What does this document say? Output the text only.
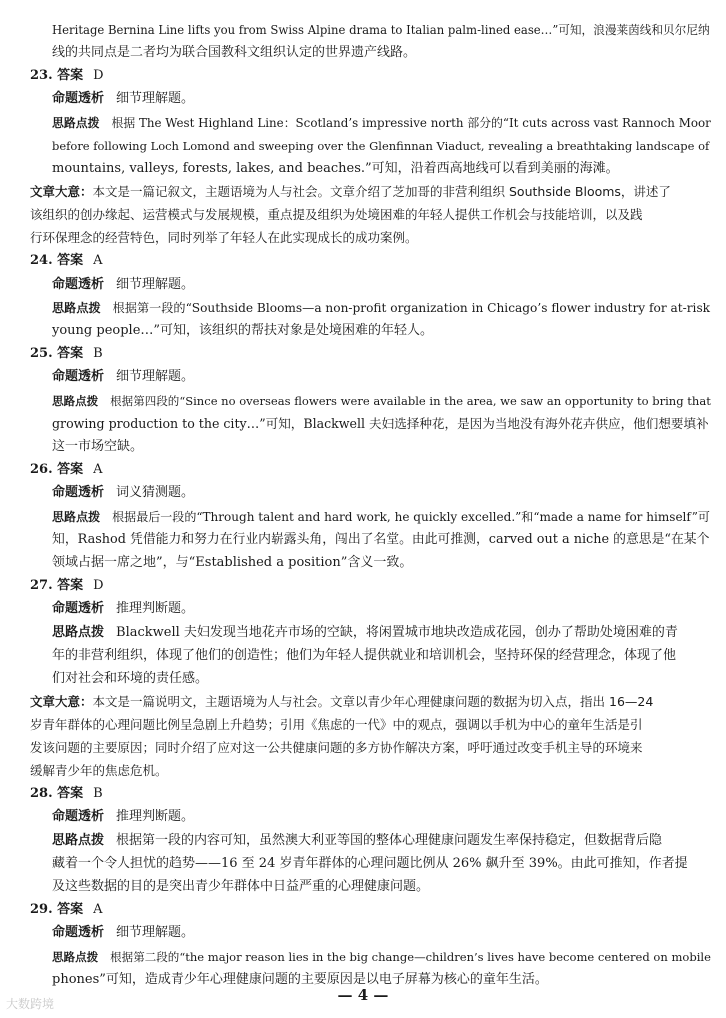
Heritage Bernina Line lifts you from Swiss Alpine drama to Italian palm-lined ease…”可知，浪漫莱茵线和贝尔尼纳
线的共同点是二者均为联合国教科文组织认定的世界遗产线路。
23. 答案 D
命题透析 细节理解题。
思路点拨 根据 The West Highland Line：Scotland’s impressive north 部分的“It cuts across vast Rannoch Moor
before following Loch Lomond and sweeping over the Glenfinnan Viaduct, revealing a breathtaking landscape of
mountains, valleys, forests, lakes, and beaches.”可知，沿着西高地线可以看到美丽的海滩。
文章大意：本文是一篇记叙文，主题语境为人与社会。文章介绍了芝加哥的非营利组织 Southside Blooms，讲述了
该组织的创办缘起、运营模式与发展规模，重点提及组织为处境困难的年轻人提供工作机会与技能培训，以及践
行环保理念的经营特色，同时列举了年轻人在此实现成长的成功案例。
24. 答案 A
命题透析 细节理解题。
思路点拨 根据第一段的“Southside Blooms—a non-profit organization in Chicago’s flower industry for at-risk
young people…”可知，该组织的帮扶对象是处境困难的年轻人。
25. 答案 B
命题透析 细节理解题。
思路点拨 根据第四段的“Since no overseas flowers were available in the area, we saw an opportunity to bring that
growing production to the city…”可知，Blackwell 夫妇选择种花，是因为当地没有海外花卉供应，他们想要填补
这一市场空缺。
26. 答案 A
命题透析 词义猜测题。
思路点拨 根据最后一段的“Through talent and hard work, he quickly excelled.”和“made a name for himself”可
知，Rashod 凭借能力和努力在行业内崭露头角，闯出了名堂。由此可推测，carved out a niche 的意思是“在某个
领域占据一席之地”，与“Established a position”含义一致。
27. 答案 D
命题透析 推理判断题。
思路点拨 Blackwell 夫妇发现当地花卉市场的空缺，将闲置城市地块改造成花园，创办了帮助处境困难的青
年的非营利组织，体现了他们的创造性；他们为年轻人提供就业和培训机会，坚持环保的经营理念，体现了他
们对社会和环境的责任感。
文章大意：本文是一篇说明文，主题语境为人与社会。文章以青少年心理健康问题的数据为切入点，指出 16—24
岁青年群体的心理问题比例呈急剧上升趋势；引用《焦虑的一代》中的观点，强调以手机为中心的童年生活是引
发该问题的主要原因；同时介绍了应对这一公共健康问题的多方协作解决方案，呼吁通过改变手机主导的环境来
缓解青少年的焦虑危机。
28. 答案 B
命题透析 推理判断题。
思路点拨 根据第一段的内容可知，虽然澳大利亚等国的整体心理健康问题发生率保持稳定，但数据背后隐
藏着一个令人担忧的趋势——16 至 24 岁青年群体的心理问题比例从 26% 飙升至 39%。由此可推知，作者提
及这些数据的目的是突出青少年群体中日益严重的心理健康问题。
29. 答案 A
命题透析 细节理解题。
思路点拨 根据第二段的“the major reason lies in the big change—children’s lives have become centered on mobile
phones”可知，造成青少年心理健康问题的主要原因是以电子屏幕为核心的童年生活。
— 4 —
大数跨境
